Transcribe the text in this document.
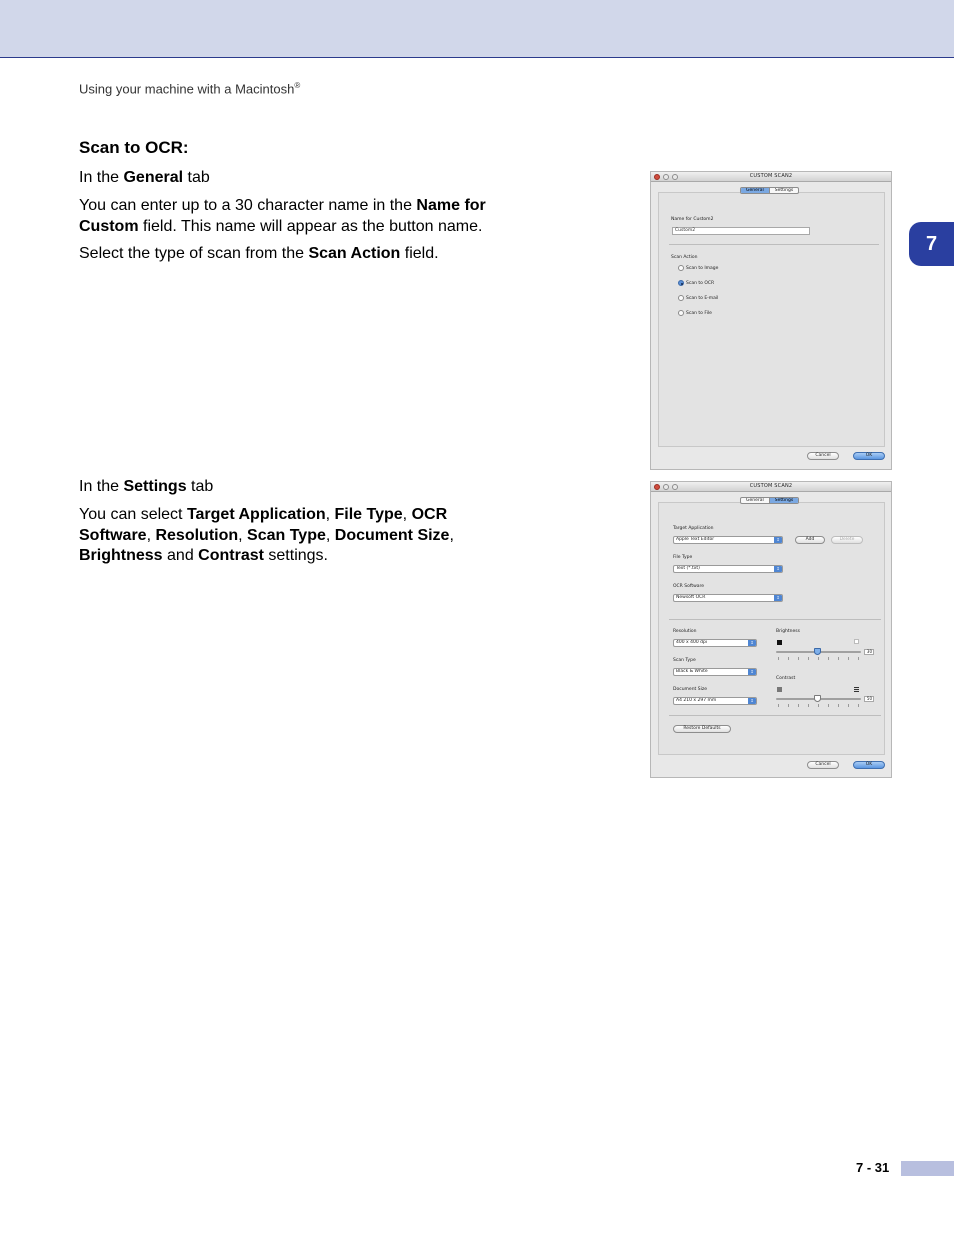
Using your machine with a Macintosh®
7
Scan to OCR:
In the General tab
You can enter up to a 30 character name in the Name for Custom field. This name will appear as the button name.
Select the type of scan from the Scan Action field.
In the Settings tab
You can select Target Application, File Type, OCR Software, Resolution, Scan Type, Document Size, Brightness and Contrast settings.
CUSTOM SCAN2
General	Settings
Name for Custom2
Custom2
Scan Action
Scan to Image
Scan to OCR
Scan to E-mail
Scan to File
Cancel	OK
CUSTOM SCAN2
General	Settings
Target Application
Apple Text Editor	↕	Add	Delete
File Type
Text (*.txt)	↕
OCR Software
Newsoft OCR	↕
Resolution
400 x 400 dpi	↕
Scan Type
Black & White	↕
Document Size
A4 210 x 297 mm	↕
Brightness
30
Contrast
50
Restore Defaults
Cancel	OK
7 - 31
